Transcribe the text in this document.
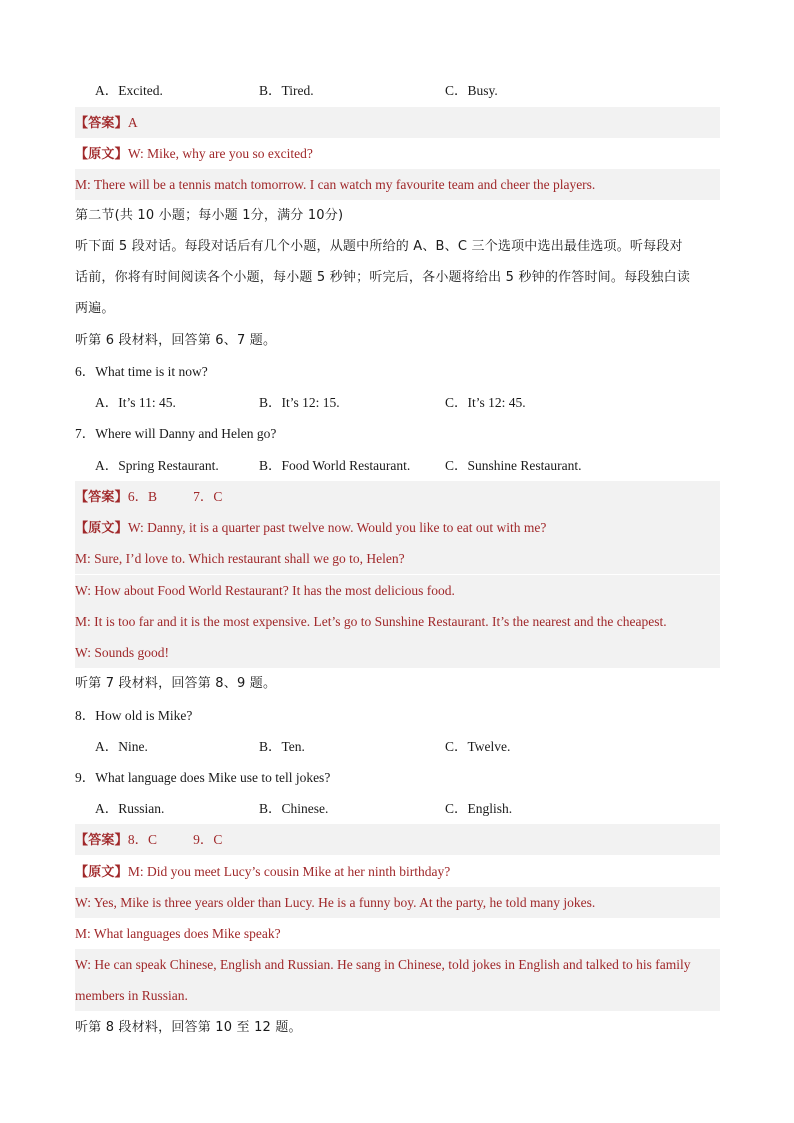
A．Excited.	B．Tired.	C．Busy.
【答案】A
【原文】W: Mike, why are you so excited?
M: There will be a tennis match tomorrow. I can watch my favourite team and cheer the players.
第二节(共 10 小题；每小题 1分，满分 10分)
听下面 5 段对话。每段对话后有几个小题，从题中所给的 A、B、C 三个选项中选出最佳选项。听每段对
话前，你将有时间阅读各个小题，每小题 5 秒钟；听完后，各小题将给出 5 秒钟的作答时间。每段独白读
两遍。
听第 6 段材料，回答第 6、7 题。
6．What time is it now?
A．It’s 11: 45.	B．It’s 12: 15.	C．It’s 12: 45.
7．Where will Danny and Helen go?
A．Spring Restaurant.	B．Food World Restaurant.	C．Sunshine Restaurant.
【答案】6．B	7．C
【原文】W: Danny, it is a quarter past twelve now. Would you like to eat out with me?
M: Sure, I’d love to. Which restaurant shall we go to, Helen?
W: How about Food World Restaurant? It has the most delicious food.
M: It is too far and it is the most expensive. Let’s go to Sunshine Restaurant. It’s the nearest and the cheapest.
W: Sounds good!
听第 7 段材料，回答第 8、9 题。
8．How old is Mike?
A．Nine.	B．Ten.	C．Twelve.
9．What language does Mike use to tell jokes?
A．Russian.	B．Chinese.	C．English.
【答案】8．C	9．C
【原文】M: Did you meet Lucy’s cousin Mike at her ninth birthday?
W: Yes, Mike is three years older than Lucy. He is a funny boy. At the party, he told many jokes.
M: What languages does Mike speak?
W: He can speak Chinese, English and Russian. He sang in Chinese, told jokes in English and talked to his family
members in Russian.
听第 8 段材料，回答第 10 至 12 题。
